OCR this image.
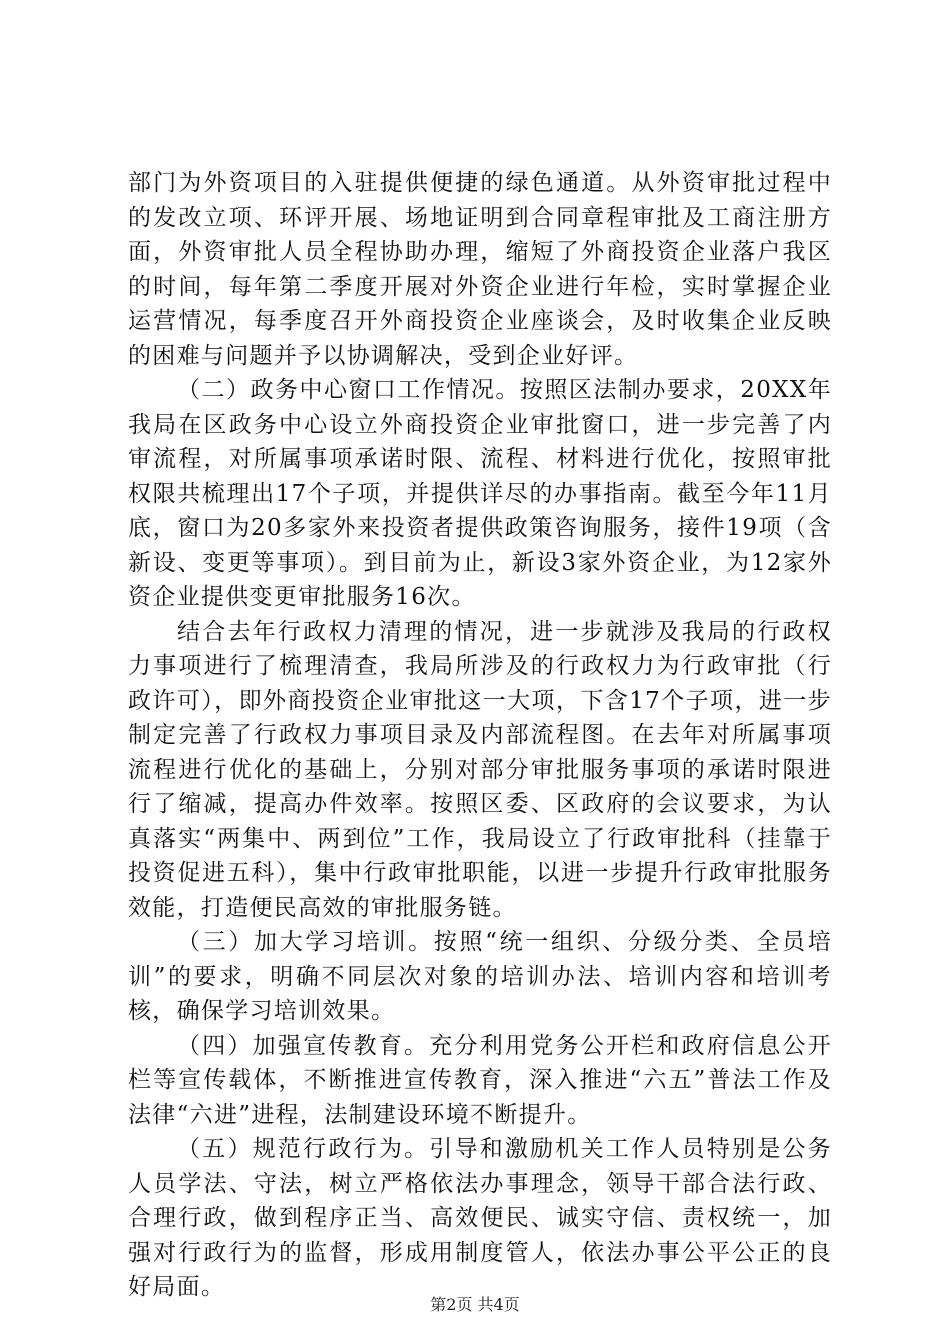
部门为外资项目的入驻提供便捷的绿色通道。从外资审批过程中的发改立项、环评开展、场地证明到合同章程审批及工商注册方面，外资审批人员全程协助办理，缩短了外商投资企业落户我区的时间，每年第二季度开展对外资企业进行年检，实时掌握企业运营情况，每季度召开外商投资企业座谈会，及时收集企业反映的困难与问题并予以协调解决，受到企业好评。

（二）政务中心窗口工作情况。按照区法制办要求，20XX年我局在区政务中心设立外商投资企业审批窗口，进一步完善了内审流程，对所属事项承诺时限、流程、材料进行优化，按照审批权限共梳理出17个子项，并提供详尽的办事指南。截至今年11月底，窗口为20多家外来投资者提供政策咨询服务，接件19项（含新设、变更等事项）。到目前为止，新设3家外资企业，为12家外资企业提供变更审批服务16次。

结合去年行政权力清理的情况，进一步就涉及我局的行政权力事项进行了梳理清查，我局所涉及的行政权力为行政审批（行政许可），即外商投资企业审批这一大项，下含17个子项，进一步制定完善了行政权力事项目录及内部流程图。在去年对所属事项流程进行优化的基础上，分别对部分审批服务事项的承诺时限进行了缩减，提高办件效率。按照区委、区政府的会议要求，为认真落实“两集中、两到位”工作，我局设立了行政审批科（挂靠于投资促进五科），集中行政审批职能，以进一步提升行政审批服务效能，打造便民高效的审批服务链。

（三）加大学习培训。按照“统一组织、分级分类、全员培训”的要求，明确不同层次对象的培训办法、培训内容和培训考核，确保学习培训效果。

（四）加强宣传教育。充分利用党务公开栏和政府信息公开栏等宣传载体，不断推进宣传教育，深入推进“六五”普法工作及法律“六进”进程，法制建设环境不断提升。

（五）规范行政行为。引导和激励机关工作人员特别是公务人员学法、守法，树立严格依法办事理念，领导干部合法行政、合理行政，做到程序正当、高效便民、诚实守信、责权统一，加强对行政行为的监督，形成用制度管人，依法办事公平公正的良好局面。

第2页 共4页
